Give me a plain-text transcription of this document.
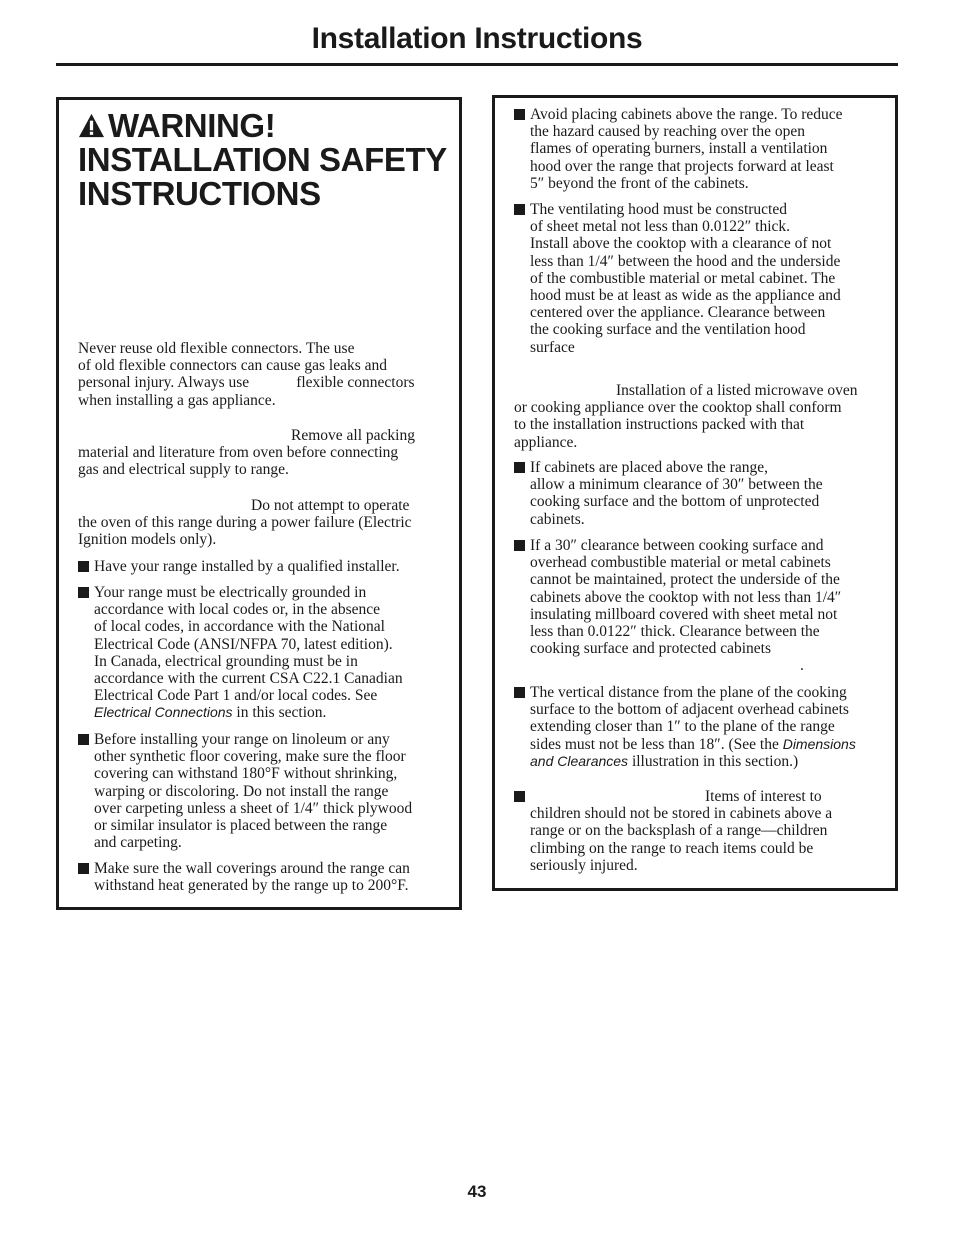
Installation Instructions
WARNING! INSTALLATION SAFETY INSTRUCTIONS

Never reuse old flexible connectors. The use
of old flexible connectors can cause gas leaks and
personal injury. Always use	flexible connectors
when installing a gas appliance.

Remove all packing
material and literature from oven before connecting
gas and electrical supply to range.

Do not attempt to operate
the oven of this range during a power failure (Electric
Ignition models only).

Have your range installed by a qualified installer.
Your range must be electrically grounded in
accordance with local codes or, in the absence
of local codes, in accordance with the National
Electrical Code (ANSI/NFPA 70, latest edition).
In Canada, electrical grounding must be in
accordance with the current CSA C22.1 Canadian
Electrical Code Part 1 and/or local codes. See
Electrical Connections in this section.
Before installing your range on linoleum or any
other synthetic floor covering, make sure the floor
covering can withstand 180°F without shrinking,
warping or discoloring. Do not install the range
over carpeting unless a sheet of 1/4″ thick plywood
or similar insulator is placed between the range
and carpeting.
Make sure the wall coverings around the range can
withstand heat generated by the range up to 200°F.
Avoid placing cabinets above the range. To reduce
the hazard caused by reaching over the open
flames of operating burners, install a ventilation
hood over the range that projects forward at least
5″ beyond the front of the cabinets.
The ventilating hood must be constructed
of sheet metal not less than 0.0122″ thick.
Install above the cooktop with a clearance of not
less than 1/4″ between the hood and the underside
of the combustible material or metal cabinet. The
hood must be at least as wide as the appliance and
centered over the appliance. Clearance between
the cooking surface and the ventilation hood
surface

Installation of a listed microwave oven
or cooking appliance over the cooktop shall conform
to the installation instructions packed with that
appliance.

If cabinets are placed above the range,
allow a minimum clearance of 30″ between the
cooking surface and the bottom of unprotected
cabinets.
If a 30″ clearance between cooking surface and
overhead combustible material or metal cabinets
cannot be maintained, protect the underside of the
cabinets above the cooktop with not less than 1/4″
insulating millboard covered with sheet metal not
less than 0.0122″ thick. Clearance between the
cooking surface and protected cabinets
.
The vertical distance from the plane of the cooking
surface to the bottom of adjacent overhead cabinets
extending closer than 1″ to the plane of the range
sides must not be less than 18″. (See the Dimensions
and Clearances illustration in this section.)
Items of interest to
children should not be stored in cabinets above a
range or on the backsplash of a range—children
climbing on the range to reach items could be
seriously injured.

43
